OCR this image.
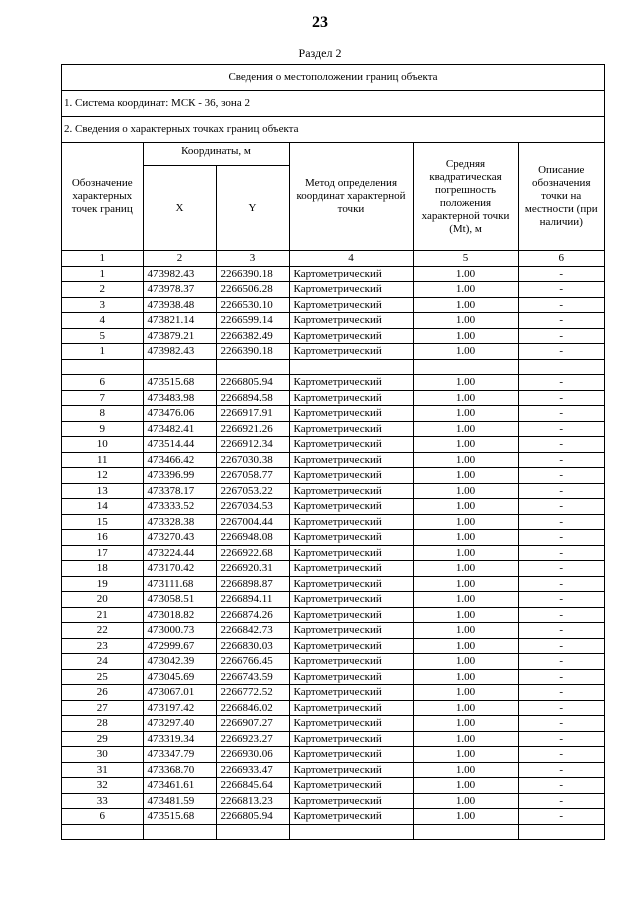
23
Раздел 2
Сведения о местоположении границ объекта
1. Система координат: МСК - 36, зона 2
2. Сведения о характерных точках границ объекта
Обозначение характерных точек границ	Координаты, м		Метод определения координат характерной точки	Средняя квадратическая погрешность положения характерной точки (Mt), м	Описание обозначения точки на местности (при наличии)
	X	Y			
1	2	3	4	5	6
1	473982.43	2266390.18	Картометрический	1.00	-
2	473978.37	2266506.28	Картометрический	1.00	-
3	473938.48	2266530.10	Картометрический	1.00	-
4	473821.14	2266599.14	Картометрический	1.00	-
5	473879.21	2266382.49	Картометрический	1.00	-
1	473982.43	2266390.18	Картометрический	1.00	-

6	473515.68	2266805.94	Картометрический	1.00	-
7	473483.98	2266894.58	Картометрический	1.00	-
8	473476.06	2266917.91	Картометрический	1.00	-
9	473482.41	2266921.26	Картометрический	1.00	-
10	473514.44	2266912.34	Картометрический	1.00	-
11	473466.42	2267030.38	Картометрический	1.00	-
12	473396.99	2267058.77	Картометрический	1.00	-
13	473378.17	2267053.22	Картометрический	1.00	-
14	473333.52	2267034.53	Картометрический	1.00	-
15	473328.38	2267004.44	Картометрический	1.00	-
16	473270.43	2266948.08	Картометрический	1.00	-
17	473224.44	2266922.68	Картометрический	1.00	-
18	473170.42	2266920.31	Картометрический	1.00	-
19	473111.68	2266898.87	Картометрический	1.00	-
20	473058.51	2266894.11	Картометрический	1.00	-
21	473018.82	2266874.26	Картометрический	1.00	-
22	473000.73	2266842.73	Картометрический	1.00	-
23	472999.67	2266830.03	Картометрический	1.00	-
24	473042.39	2266766.45	Картометрический	1.00	-
25	473045.69	2266743.59	Картометрический	1.00	-
26	473067.01	2266772.52	Картометрический	1.00	-
27	473197.42	2266846.02	Картометрический	1.00	-
28	473297.40	2266907.27	Картометрический	1.00	-
29	473319.34	2266923.27	Картометрический	1.00	-
30	473347.79	2266930.06	Картометрический	1.00	-
31	473368.70	2266933.47	Картометрический	1.00	-
32	473461.61	2266845.64	Картометрический	1.00	-
33	473481.59	2266813.23	Картометрический	1.00	-
6	473515.68	2266805.94	Картометрический	1.00	-
